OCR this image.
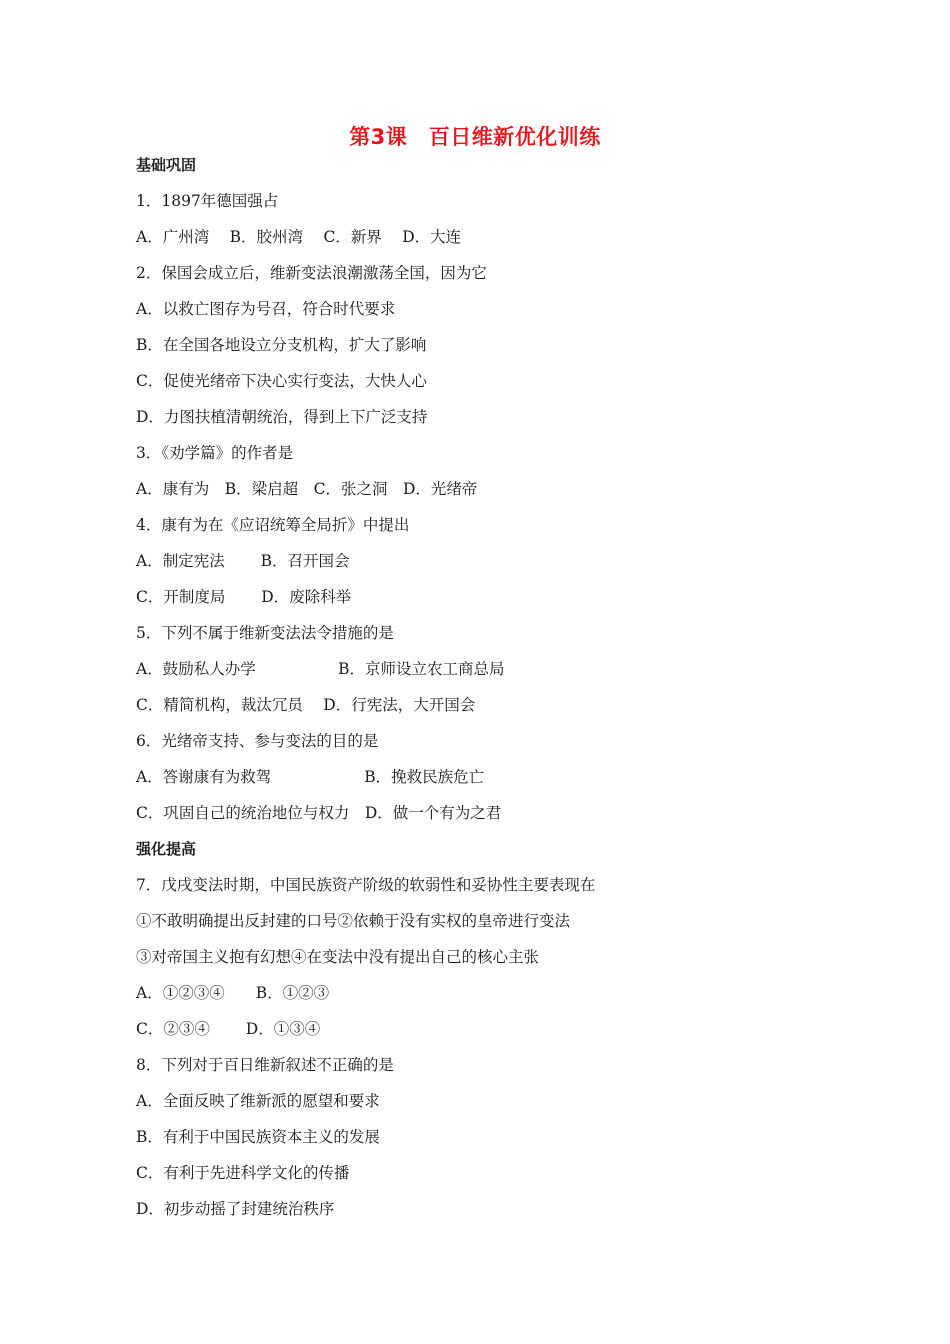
第3课　百日维新优化训练
基础巩固
1．1897年德国强占
A．广州湾　 B．胶州湾　 C．新界　 D．大连
2．保国会成立后，维新变法浪潮激荡全国，因为它
A．以救亡图存为号召，符合时代要求
B．在全国各地设立分支机构，扩大了影响
C．促使光绪帝下决心实行变法，大快人心
D．力图扶植清朝统治，得到上下广泛支持
3．《劝学篇》的作者是
A．康有为　B．梁启超　C．张之洞　D．光绪帝
4．康有为在《应诏统筹全局折》中提出
A．制定宪法　　 B．召开国会
C．开制度局　　 D．废除科举
5．下列不属于维新变法法令措施的是
A．鼓励私人办学　　　　 　B．京师设立农工商总局
C．精简机构，裁汰冗员　 D．行宪法，大开国会
6．光绪帝支持、参与变法的目的是
A．答谢康有为救驾　　　　　　B．挽救民族危亡
C．巩固自己的统治地位与权力　D．做一个有为之君
强化提高
7．戊戌变法时期，中国民族资产阶级的软弱性和妥协性主要表现在
①不敢明确提出反封建的口号②依赖于没有实权的皇帝进行变法
③对帝国主义抱有幻想④在变法中没有提出自己的核心主张
A．①②③④　　B．①②③
C．②③④　　 D．①③④
8．下列对于百日维新叙述不正确的是
A．全面反映了维新派的愿望和要求
B．有利于中国民族资本主义的发展
C．有利于先进科学文化的传播
D．初步动摇了封建统治秩序
